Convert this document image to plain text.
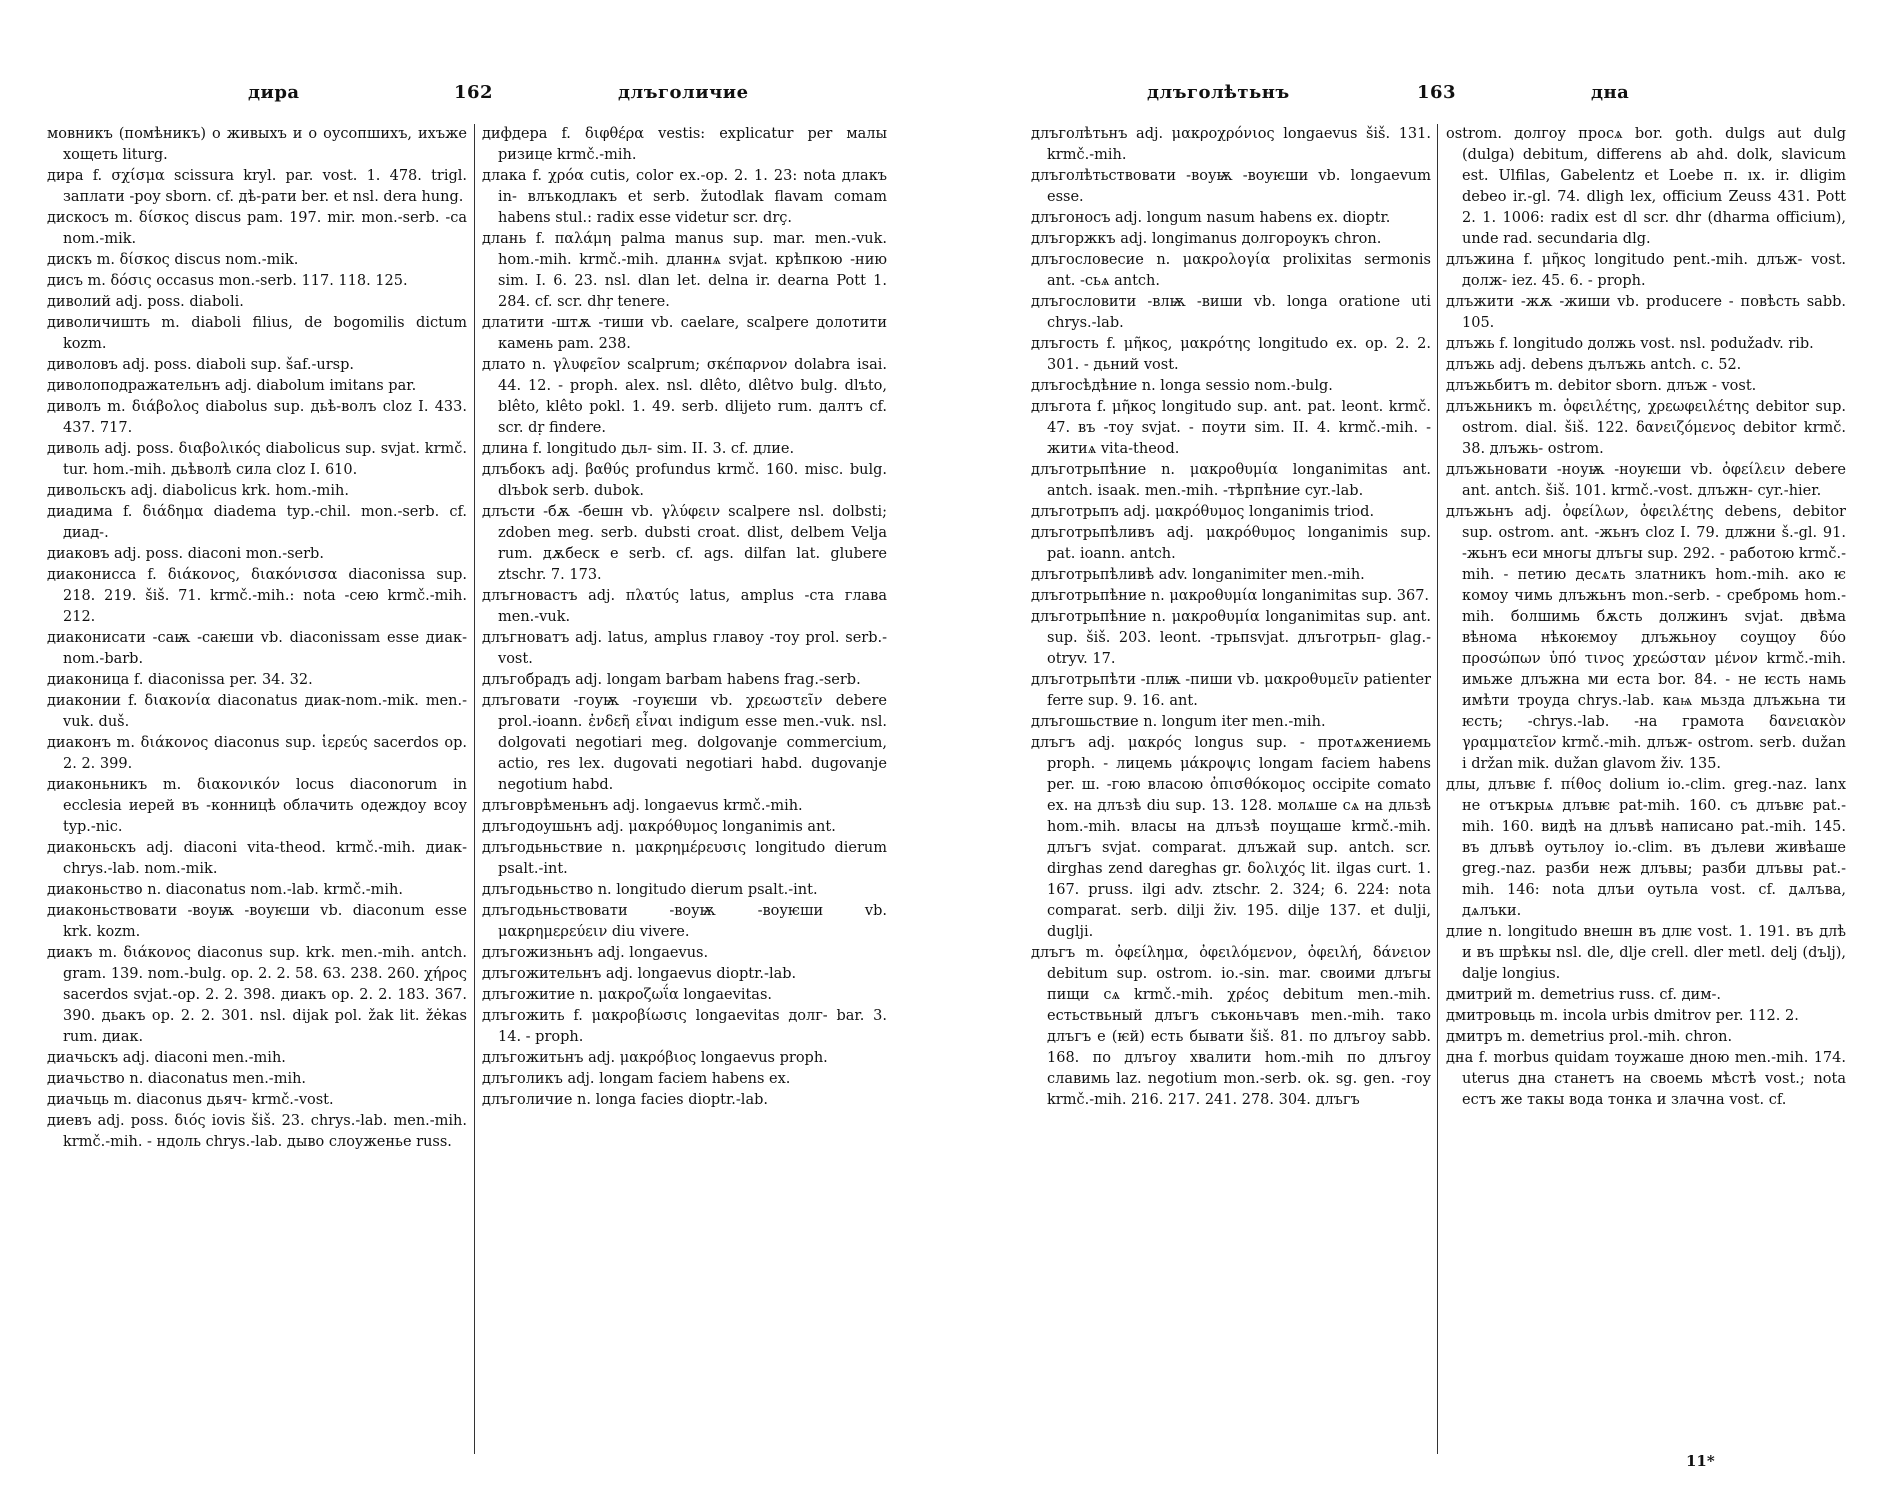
дира	162	длъголичие

мовникъ (помѣникъ) о живыхъ и о оусопшихъ, иxъже хощеть liturg.

дира f. σχίσμα scissura kryl. par. vost. 1. 478. trigl. заплати -роу sborn. cf. дѣ-рати ber. et nsl. dera hung.

дискосъ m. δίσκος discus pam. 197. mir. mon.-serb. -са nom.-mik.

дискъ m. δίσκος discus nom.-mik.

дисъ m. δόσις occasus mon.-serb. 117. 118. 125.

диволий adj. poss. diaboli.

диволичишть m. diaboli filius, de bogomilis dictum kozm.

диволовъ adj. poss. diaboli sup. šaf.-ursp.

диволоподражательнъ adj. diabolum imitans par.

диволъ m. διάβολος diabolus sup. дьѣ-волъ cloz I. 433. 437. 717.

диволь adj. poss. διαβολικός diabolicus sup. svjat. krmč. tur. hom.-mih. дьѣволѣ сила cloz I. 610.

дивольскъ adj. diabolicus krk. hom.-mih.

диадима f. διάδημα diadema typ.-chil. mon.-serb. cf. диад-.

диаковъ adj. poss. diaconi mon.-serb.

диаконисса f. διάκονος, διακόνισσα diaconissa sup. 218. 219. šiš. 71. krmč.-mih.: nota -сею krmč.-mih. 212.

диаконисати -саѭ -саѥши vb. diaconissam esse диак- nom.-barb.

диаконица f. diaconissa per. 34. 32.

диаконии f. διακονία diaconatus диак-nom.-mik. men.-vuk. duš.

диаконъ m. διάκονος diaconus sup. ἱερεύς sacerdos op. 2. 2. 399.

диаконьникъ m. διακονικόν locus diaconorum in ecclesia иерей въ -конницѣ облачить одеждоу всоу typ.-nic.

диаконьскъ adj. diaconi vita-theod. krmč.-mih. диак- chrys.-lab. nom.-mik.

диаконьство n. diaconatus nom.-lab. krmč.-mih.

диаконьствовати -воуѭ -воуѥши vb. diaconum esse krk. kozm.

диакъ m. διάκονος diaconus sup. krk. men.-mih. antch. gram. 139. nom.-bulg. op. 2. 2. 58. 63. 238. 260. χήρος sacerdos svjat.-op. 2. 2. 398. диакъ op. 2. 2. 183. 367. 390. дьакъ op. 2. 2. 301. nsl. dijak pol. žak lit. žėkas rum. диак.

диачьскъ adj. diaconi men.-mih.

диачьство n. diaconatus men.-mih.

диачьць m. diaconus дьяч- krmč.-vost.

диевъ adj. poss. διός iovis šiš. 23. chrys.-lab. men.-mih. krmč.-mih. - ндоль chrys.-lab. дыво слоуженье russ.

дифдера f. διφθέρα vestis: explicatur per малы ризице krmč.-mih.

длака f. χρόα cutis, color ex.-op. 2. 1. 23: nota длакъ in- влъкодлакъ et serb. žutodlak flavam comam habens stul.: radix esse videtur scr. drç.

длань f. παλάμη palma manus sup. mar. men.-vuk. hom.-mih. krmč.-mih. дланнѧ svjat. крѣпкою -нию sim. I. 6. 23. nsl. dlan let. delna ir. dearna Pott 1. 284. cf. scr. dhṛ tenere.

длатити -штѫ -тиши vb. caelare, scalpere долотити камень pam. 238.

длато n. γλυφεῖον scalprum; σκέπαρνον dolabra isai. 44. 12. - proph. alex. nsl. dlêto, dlêtvo bulg. dlъto, blêto, klêto pokl. 1. 49. serb. dlijeto rum. далтъ cf. scr. dṛ findere.

длина f. longitudo дьл- sim. II. 3. cf. длие.

длъбокъ adj. βαθύς profundus krmč. 160. misc. bulg. dlъbok serb. dubok.

длъсти -бѫ -бешн vb. γλύφειν scalpere nsl. dolbsti; zdoben meg. serb. dubsti croat. dlist, delbem Velja rum. дѫбеск e serb. cf. ags. dilfan lat. glubere ztschr. 7. 173.

длъгновастъ adj. πλατύς latus, amplus -ста глава men.-vuk.

длъгноватъ adj. latus, amplus главоу -тоу prol. serb.-vost.

длъгобрадъ adj. longam barbam habens frag.-serb.

длъговати -гоуѭ -гоуѥши vb. χρεωστεῖν debere prol.-ioann. ἐνδεῆ εἶναι indigum esse men.-vuk. nsl. dolgovati negotiari meg. dolgovanje commercium, actio, res lex. dugovati negotiari habd. dugovanje negotium habd.

длъговрѣменьнъ adj. longaevus krmč.-mih.

длъгодоушьнъ adj. μακρόθυμος longanimis ant.

длъгодьньствие n. μακρημέρευσις longitudo dierum psalt.-int.

длъгодьньство n. longitudo dierum psalt.-int.

длъгодьньствовати -воуѭ -воуѥши vb. μακρημερεύειν diu vivere.

длъгожизньнъ adj. longaevus.

длъгожительнъ adj. longaevus dioptr.-lab.

длъгожитие n. μακροζωΐα longaevitas.

длъгожить f. μακροβίωσις longaevitas долг- bar. 3. 14. - proph.

длъгожитьнъ adj. μακρόβιος longaevus proph.

длъголикъ adj. longam faciem habens ex.

длъголичие n. longa facies dioptr.-lab.

длъголѣтьнъ	163	дна

длъголѣтьнъ adj. μακροχρόνιος longaevus šiš. 131. krmč.-mih.

длъголѣтьствовати -воуѭ -воуѥши vb. longaevum esse.

длъгоносъ adj. longum nasum habens ex. dioptr.

длъгоржкъ adj. longimanus долгороукъ chron.

длъгословесие n. μακρολογία prolixitas sermonis ant. -сьѧ antch.

длъгословити -влѭ -виши vb. longa oratione uti chrys.-lab.

длъгость f. μῆκος, μακρότης longitudo ex. op. 2. 2. 301. - дьний vost.

длъгосѣдѣние n. longa sessio nom.-bulg.

длъгота f. μῆκος longitudo sup. ant. pat. leont. krmč. 47. въ -тоу svjat. - поути sim. II. 4. krmč.-mih. - житиѧ vita-theod.

длъготрьпѣние n. μακροθυμία longanimitas ant. antch. isaak. men.-mih. -тѣрпѣние cyr.-lab.

длъготрьпъ adj. μακρόθυμος longanimis triod.

длъготрьпѣливъ adj. μακρόθυμος longanimis sup. pat. ioann. antch.

длъготрьпѣливѣ adv. longanimiter men.-mih.

длъготрьпѣние n. μακροθυμία longanimitas sup. 367.

длъготрьпѣние n. μακροθυμία longanimitas sup. ant. sup. šiš. 203. leont. -трьпsvjat. длъготрьп- glag.-otryv. 17.

длъготрьпѣти -плѭ -пиши vb. μακροθυμεῖν patienter ferre sup. 9. 16. ant.

длъгошьствие n. longum iter men.-mih.

длъгъ adj. μακρός longus sup. - протѧжениемь proph. - лицемь μάκροψις longam faciem habens per. ш. -гою власою ὀπισθόκομος occipite comato ex. на длъзѣ diu sup. 13. 128. молѧше сѧ на дльзѣ hom.-mih. власы на длъзѣ поущаше krmč.-mih. длъгъ svjat. comparat. длъжай sup. antch. scr. dirghas zend dareghas gr. δολιχός lit. ilgas curt. 1. 167. pruss. ilgi adv. ztschr. 2. 324; 6. 224: nota comparat. serb. dilji živ. 195. dilje 137. et dulji, duglji.

длъгъ m. ὀφείλημα, ὀφειλόμενον, ὀφειλή, δάνειον debitum sup. ostrom. io.-sin. mar. своими длъгы пищи сѧ krmč.-mih. χρέος debitum men.-mih. естьствьный длъгъ съконьчавъ men.-mih. тако длъгъ е (ѥй) есть бывати šiš. 81. по длъгоу sabb. 168. по длъгоу хвалити hom.-mih по длъгоу славимь laz. negotium mon.-serb. ok. sg. gen. -гоу krmč.-mih. 216. 217. 241. 278. 304. длъгъ

ostrom. долгоу просѧ bor. goth. dulgs aut dulg (dulga) debitum, differens ab ahd. dolk, slavicum est. Ulfilas, Gabelentz et Loebe п. ıx. ir. dligim debeo ir.-gl. 74. dligh lex, officium Zeuss 431. Pott 2. 1. 1006: radix est dl scr. dhr (dharma officium), unde rad. secundaria dlg.

длъжина f. μῆκος longitudo pent.-mih. длъж- vost. долж- iez. 45. 6. - proph.

длъжити -жѫ -жиши vb. producere - повѣсть sabb. 105.

длъжь f. longitudo должь vost. nsl. podužadv. rib.

длъжь adj. debens дълъжь antch. c. 52.

длъжьбитъ m. debitor sborn. длъж - vost.

длъжьникъ m. ὀφειλέτης, χρεωφειλέτης debitor sup. ostrom. dial. šiš. 122. δανειζόμενος debitor krmč. 38. длъжь- ostrom.

длъжьновати -ноуѭ -ноуѥши vb. ὀφείλειν debere ant. antch. šiš. 101. krmč.-vost. длъжн- cyr.-hier.

длъжьнъ adj. ὀφείλων, ὀφειλέτης debens, debitor sup. ostrom. ant. -жьнъ cloz I. 79. длжни š.-gl. 91. -жьнъ еси многы длъгы sup. 292. - работою krmč.-mih. - петию десѧть златникъ hom.-mih. ако ѥ комоу чимь длъжьнъ mon.-serb. - сребромь hom.-mih. болшимь бѫсть должинъ svjat. двѣма вѣнома нѣкоѥмоу длъжьноу соущоу δύο προσώπων ὑπό τινος χρεώσταν μένον krmč.-mih. имьже длъжна ми еста bor. 84. - не ѥсть намь имѣти троуда chrys.-lab. каѩ мьзда длъжьна ти ѥсть; -chrys.-lab. -на грамота δανειακὸν γραμματεῖον krmč.-mih. длъж- ostrom. serb. dužan i držan mik. dužan glavom živ. 135.

длы, длъвѥ f. πίθος dolium io.-clim. greg.-naz. lanx не отъкрыѧ длъвѥ pat-mih. 160. съ длъвѥ pat.-mih. 160. видѣ на длъвѣ написано pat.-mih. 145. въ длъвѣ оутьлоу io.-clim. въ дълеви живѣаше greg.-naz. разби неж длъвы; разби длъвы pat.-mih. 146: nota длъи оутьла vost. cf. дѧлъва, дѧлъки.

длие n. longitudo внешн въ длѥ vost. 1. 191. въ длѣ и въ шрѣкы nsl. dle, dlje crell. dler metl. delj (dъlj), dalje longius.

дмитрий m. demetrius russ. cf. дим-.

дмитровьць m. incola urbis dmitrov per. 112. 2.

дмитръ m. demetrius prol.-mih. chron.

дна f. morbus quidam тоужаше дною men.-mih. 174. uterus дна станетъ на своемь мѣстѣ vost.; nota естъ же такы вода тонка и злачна vost. cf.

11*
